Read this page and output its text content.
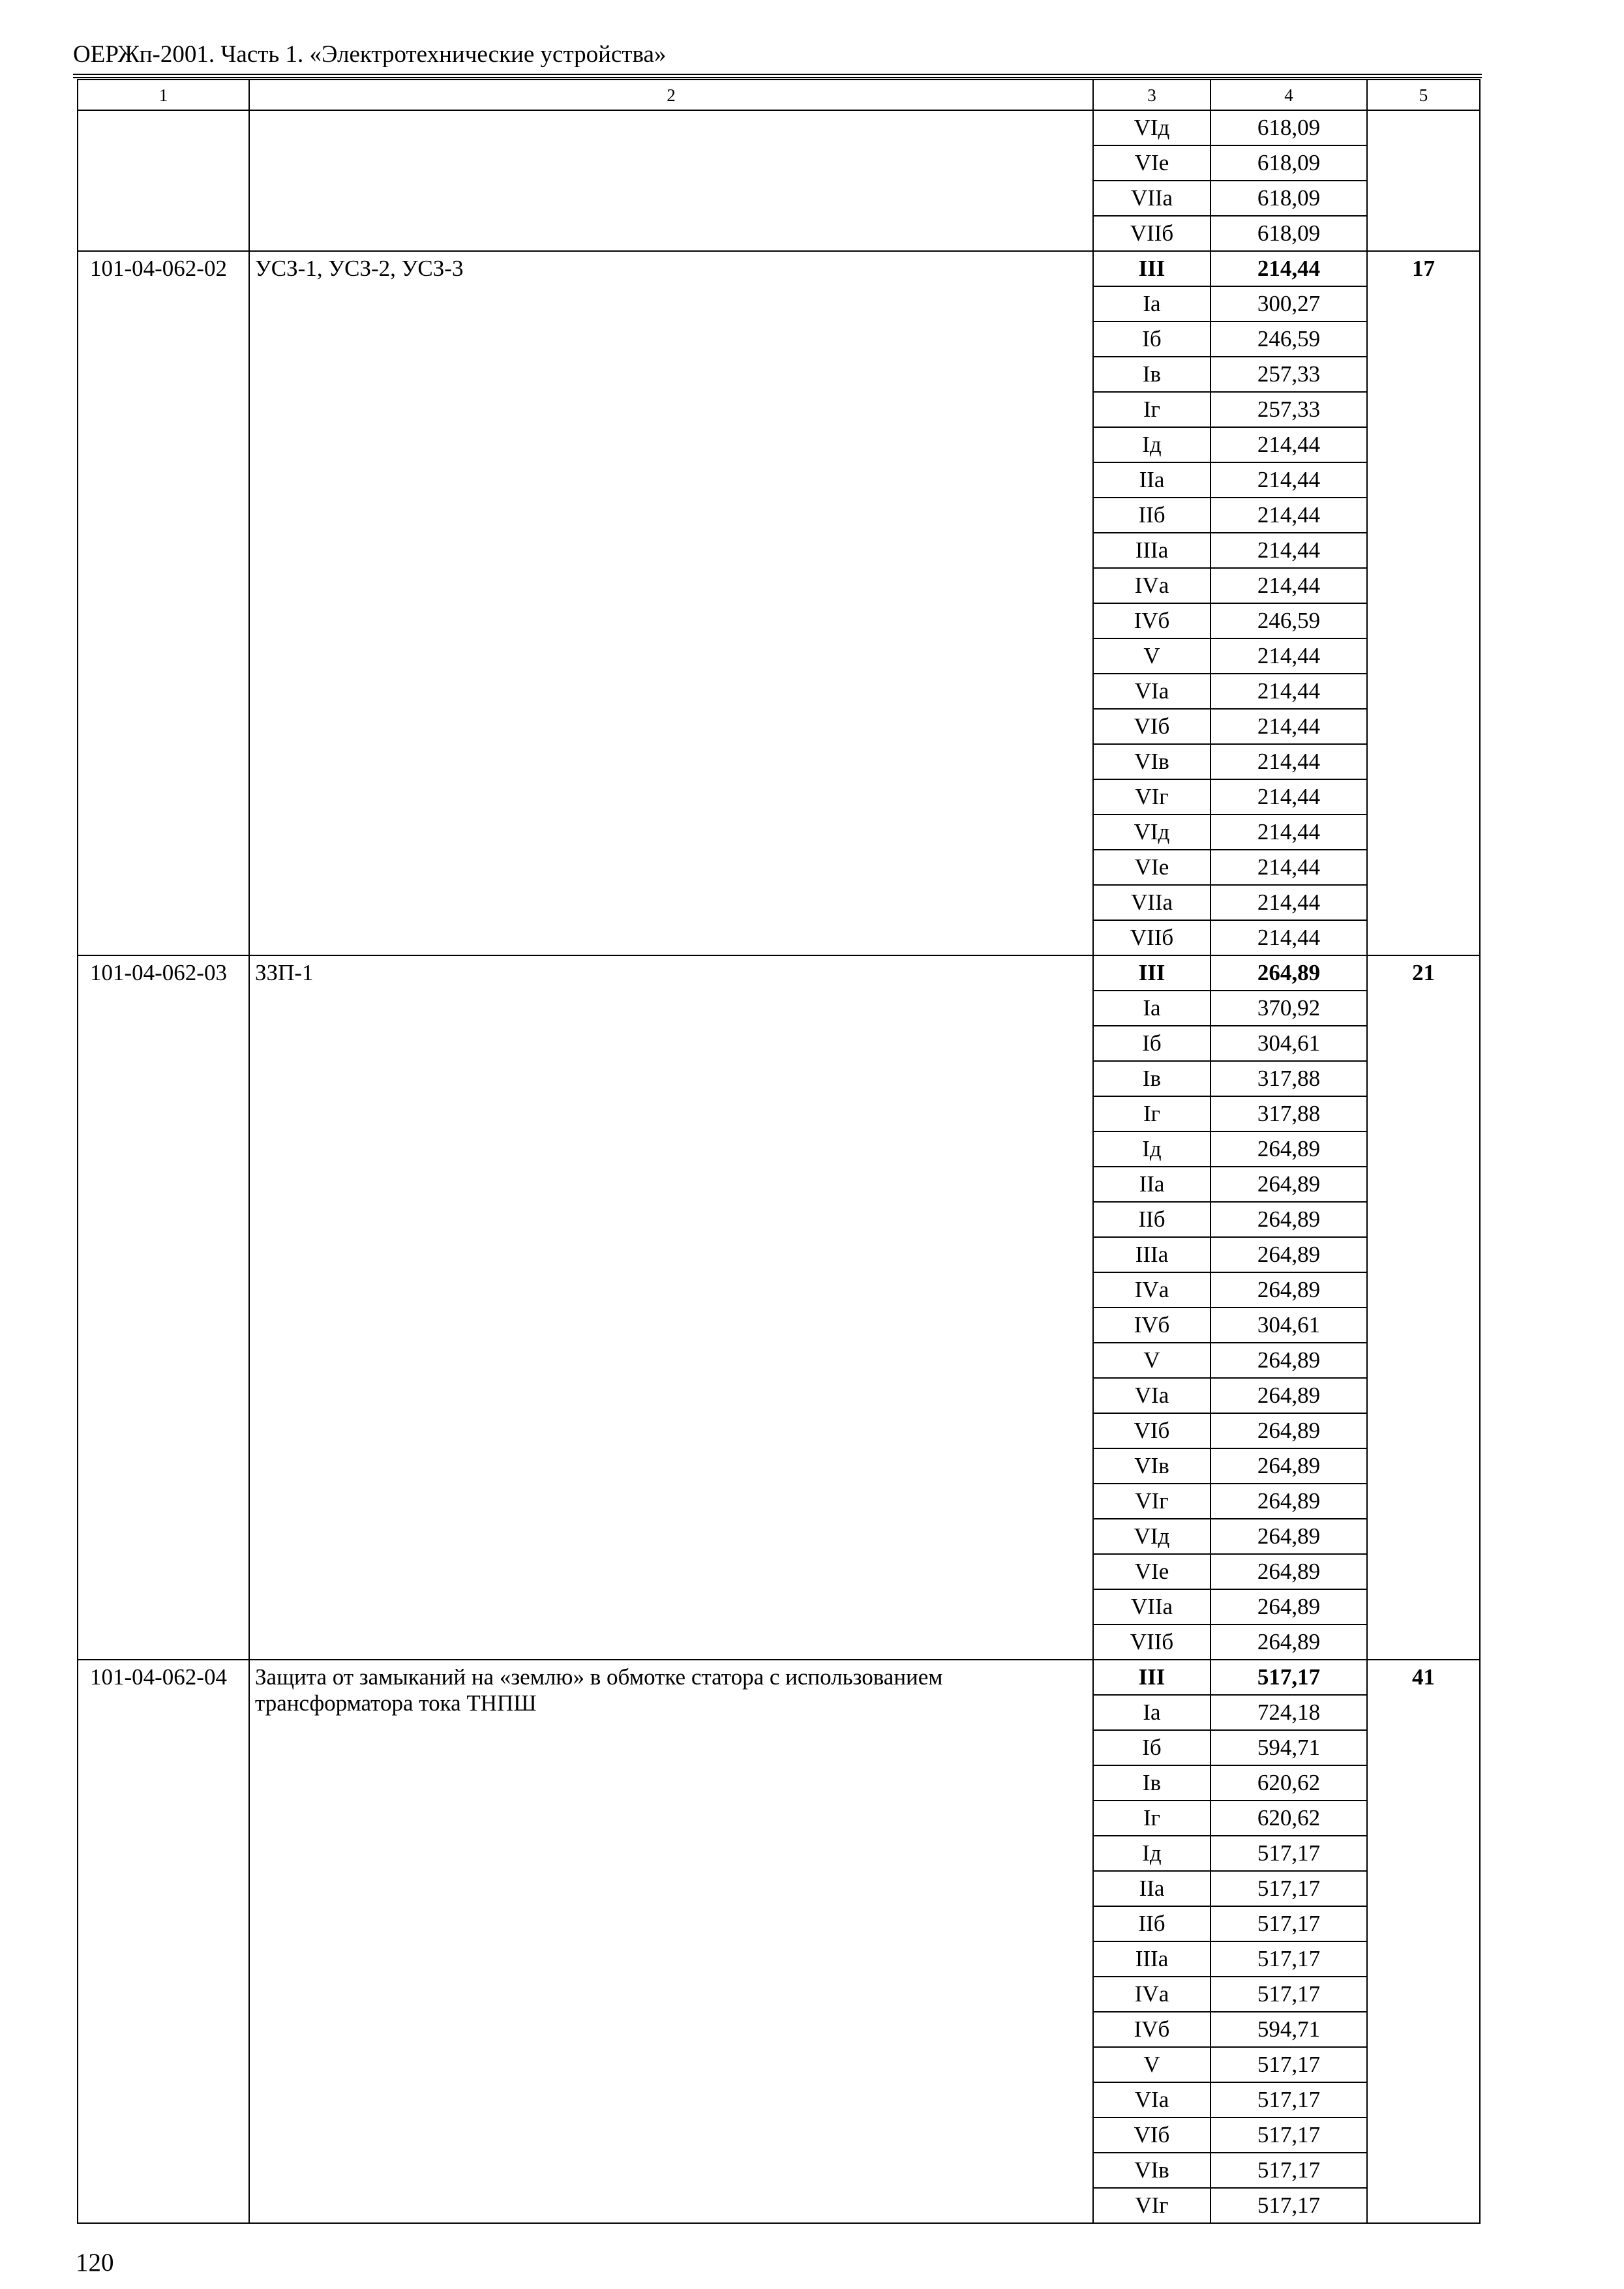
ОЕРЖп-2001. Часть 1. «Электротехнические устройства»
1	2	3	4	5
		VIд	618,09	
		VIе	618,09	
		VIIа	618,09	
		VIIб	618,09	
101-04-062-02	УСЗ-1, УСЗ-2, УСЗ-3	III	214,44	17
		Iа	300,27	
		Iб	246,59	
		Iв	257,33	
		Iг	257,33	
		Iд	214,44	
		IIа	214,44	
		IIб	214,44	
		IIIа	214,44	
		IVа	214,44	
		IVб	246,59	
		V	214,44	
		VIа	214,44	
		VIб	214,44	
		VIв	214,44	
		VIг	214,44	
		VIд	214,44	
		VIе	214,44	
		VIIа	214,44	
		VIIб	214,44	
101-04-062-03	ЗЗП-1	III	264,89	21
		Iа	370,92	
		Iб	304,61	
		Iв	317,88	
		Iг	317,88	
		Iд	264,89	
		IIа	264,89	
		IIб	264,89	
		IIIа	264,89	
		IVа	264,89	
		IVб	304,61	
		V	264,89	
		VIа	264,89	
		VIб	264,89	
		VIв	264,89	
		VIг	264,89	
		VIд	264,89	
		VIе	264,89	
		VIIа	264,89	
		VIIб	264,89	
101-04-062-04	Защита от замыканий на «землю» в обмотке статора с использованием трансформатора тока ТНПШ	III	517,17	41
		Iа	724,18	
		Iб	594,71	
		Iв	620,62	
		Iг	620,62	
		Iд	517,17	
		IIа	517,17	
		IIб	517,17	
		IIIа	517,17	
		IVа	517,17	
		IVб	594,71	
		V	517,17	
		VIа	517,17	
		VIб	517,17	
		VIв	517,17	
		VIг	517,17	
120
